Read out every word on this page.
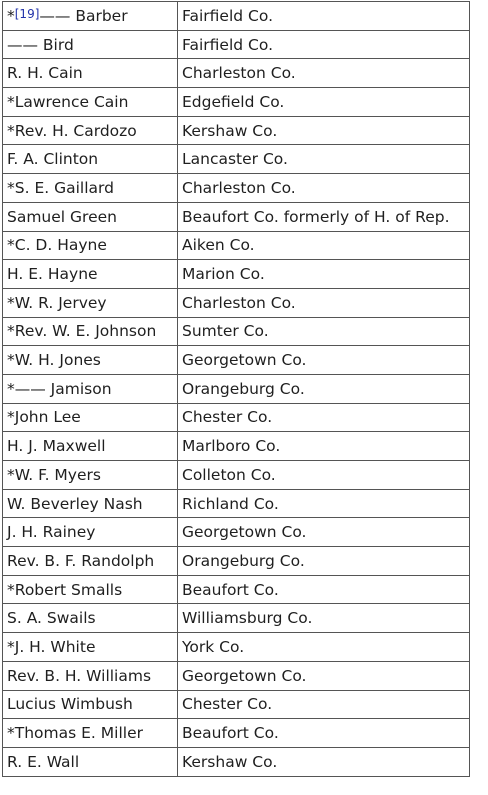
*[19]—— Barber	Fairfield Co.
—— Bird	Fairfield Co.
R. H. Cain	Charleston Co.
*Lawrence Cain	Edgefield Co.
*Rev. H. Cardozo	Kershaw Co.
F. A. Clinton	Lancaster Co.
*S. E. Gaillard	Charleston Co.
Samuel Green	Beaufort Co. formerly of H. of Rep.
*C. D. Hayne	Aiken Co.
H. E. Hayne	Marion Co.
*W. R. Jervey	Charleston Co.
*Rev. W. E. Johnson	Sumter Co.
*W. H. Jones	Georgetown Co.
*—— Jamison	Orangeburg Co.
*John Lee	Chester Co.
H. J. Maxwell	Marlboro Co.
*W. F. Myers	Colleton Co.
W. Beverley Nash	Richland Co.
J. H. Rainey	Georgetown Co.
Rev. B. F. Randolph	Orangeburg Co.
*Robert Smalls	Beaufort Co.
S. A. Swails	Williamsburg Co.
*J. H. White	York Co.
Rev. B. H. Williams	Georgetown Co.
Lucius Wimbush	Chester Co.
*Thomas E. Miller	Beaufort Co.
R. E. Wall	Kershaw Co.
